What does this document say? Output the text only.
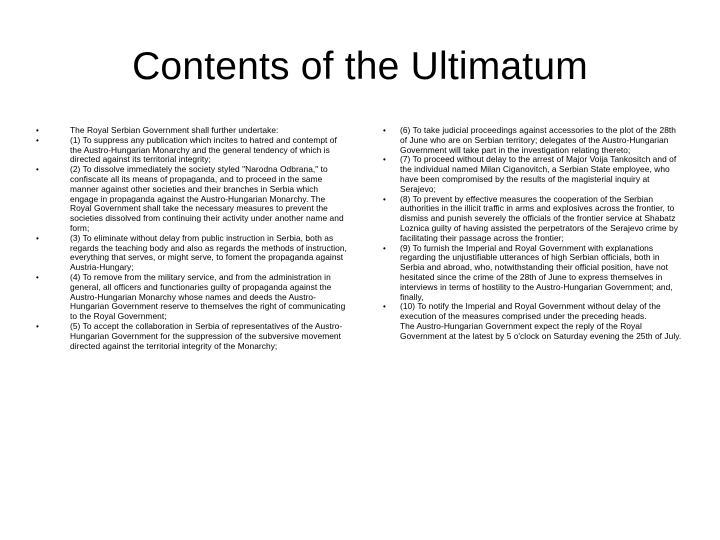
Contents of the Ultimatum
•	The Royal Serbian Government shall further undertake:
•	(1) To suppress any publication which incites to hatred and contempt of the Austro-Hungarian Monarchy and the general tendency of which is directed against its territorial integrity;
•	(2) To dissolve immediately the society styled "Narodna Odbrana," to confiscate all its means of propaganda, and to proceed in the same manner against other societies and their branches in Serbia which engage in propaganda against the Austro-Hungarian Monarchy. The Royal Government shall take the necessary measures to prevent the societies dissolved from continuing their activity under another name and form;
•	(3) To eliminate without delay from public instruction in Serbia, both as regards the teaching body and also as regards the methods of instruction, everything that serves, or might serve, to foment the propaganda against Austria-Hungary;
•	(4) To remove from the military service, and from the administration in general, all officers and functionaries guilty of propaganda against the Austro-Hungarian Monarchy whose names and deeds the Austro-Hungarian Government reserve to themselves the right of communicating to the Royal Government;
•	(5) To accept the collaboration in Serbia of representatives of the Austro-Hungarian Government for the suppression of the subversive movement directed against the territorial integrity of the Monarchy;
• (6) To take judicial proceedings against accessories to the plot of the 28th of June who are on Serbian territory; delegates of the Austro-Hungarian Government will take part in the investigation relating thereto;
• (7) To proceed without delay to the arrest of Major Voija Tankositch and of the individual named Milan Ciganovitch, a Serbian State employee, who have been compromised by the results of the magisterial inquiry at Serajevo;
• (8) To prevent by effective measures the cooperation of the Serbian authorities in the illicit traffic in arms and explosives across the frontier, to dismiss and punish severely the officials of the frontier service at Shabatz Loznica guilty of having assisted the perpetrators of the Serajevo crime by facilitating their passage across the frontier;
• (9) To furnish the Imperial and Royal Government with explanations regarding the unjustifiable utterances of high Serbian officials, both in Serbia and abroad, who, notwithstanding their official position, have not hesitated since the crime of the 28th of June to express themselves in interviews in terms of hostility to the Austro-Hungarian Government; and, finally,
• (10) To notify the Imperial and Royal Government without delay of the execution of the measures comprised under the preceding heads.

The Austro-Hungarian Government expect the reply of the Royal Government at the latest by 5 o'clock on Saturday evening the 25th of July.
